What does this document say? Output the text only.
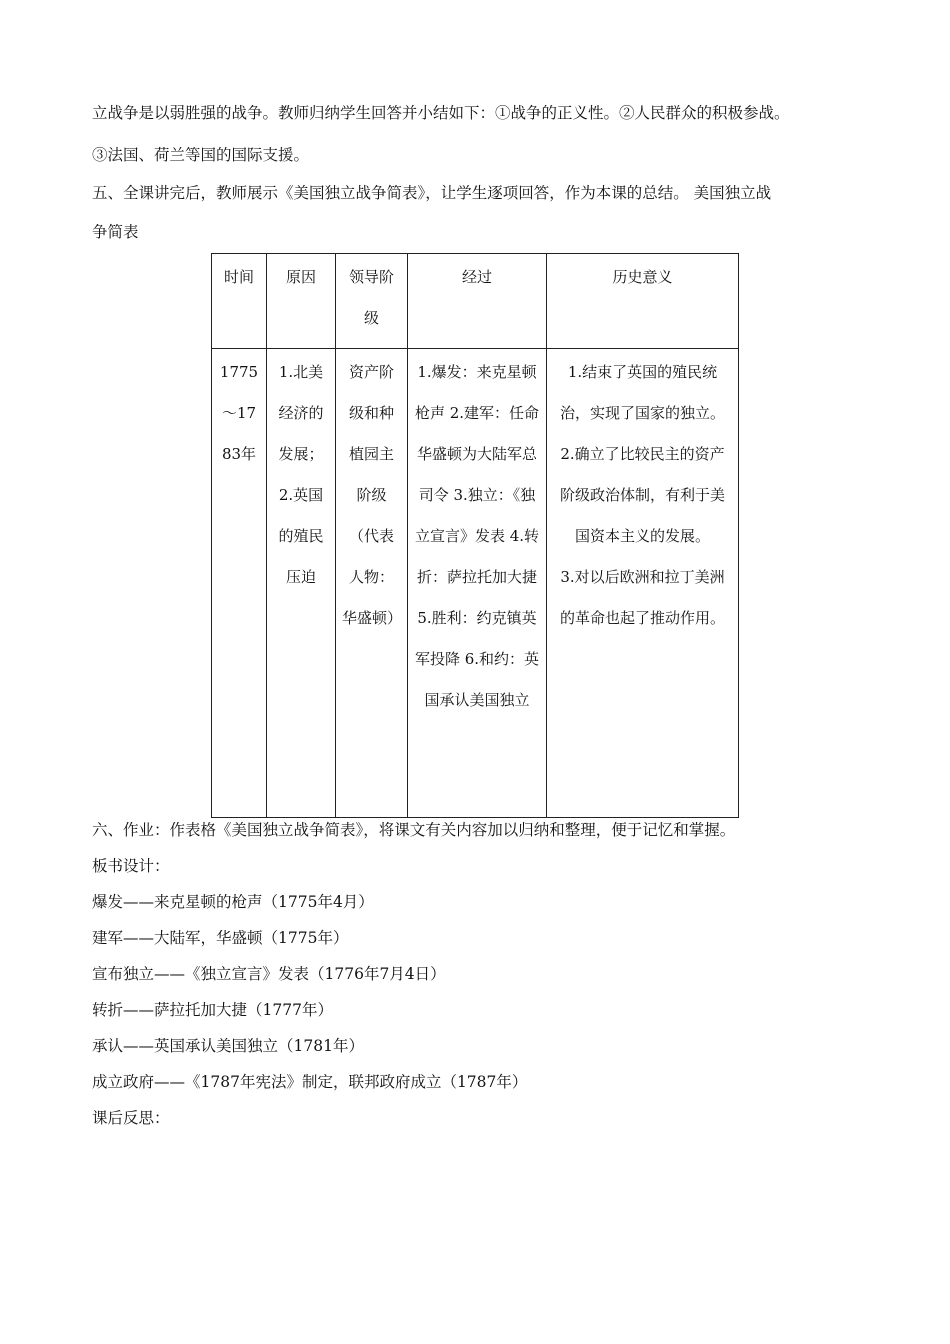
立战争是以弱胜强的战争。教师归纳学生回答并小结如下：①战争的正义性。②人民群众的积极参战。
③法国、荷兰等国的国际支援。
五、全课讲完后，教师展示《美国独立战争简表》，让学生逐项回答，作为本课的总结。 美国独立战
争简表
时间	原因	领导阶级	经过	历史意义
1775～1783年	1.北美经济的发展；2.英国的殖民压迫	资产阶级和种植园主阶级（代表人物：华盛顿）	1.爆发：来克星顿枪声 2.建军：任命华盛顿为大陆军总司令 3.独立：《独立宣言》发表 4.转折：萨拉托加大捷 5.胜利：约克镇英军投降 6.和约：英国承认美国独立	1.结束了英国的殖民统治，实现了国家的独立。2.确立了比较民主的资产阶级政治体制，有利于美国资本主义的发展。
3.对以后欧洲和拉丁美洲的革命也起了推动作用。
六、作业：作表格《美国独立战争简表》，将课文有关内容加以归纳和整理，便于记忆和掌握。
板书设计：
爆发——来克星顿的枪声（1775年4月）
建军——大陆军，华盛顿（1775年）
宣布独立——《独立宣言》发表（1776年7月4日）
转折——萨拉托加大捷（1777年）
承认——英国承认美国独立（1781年）
成立政府——《1787年宪法》制定，联邦政府成立（1787年）
课后反思：
